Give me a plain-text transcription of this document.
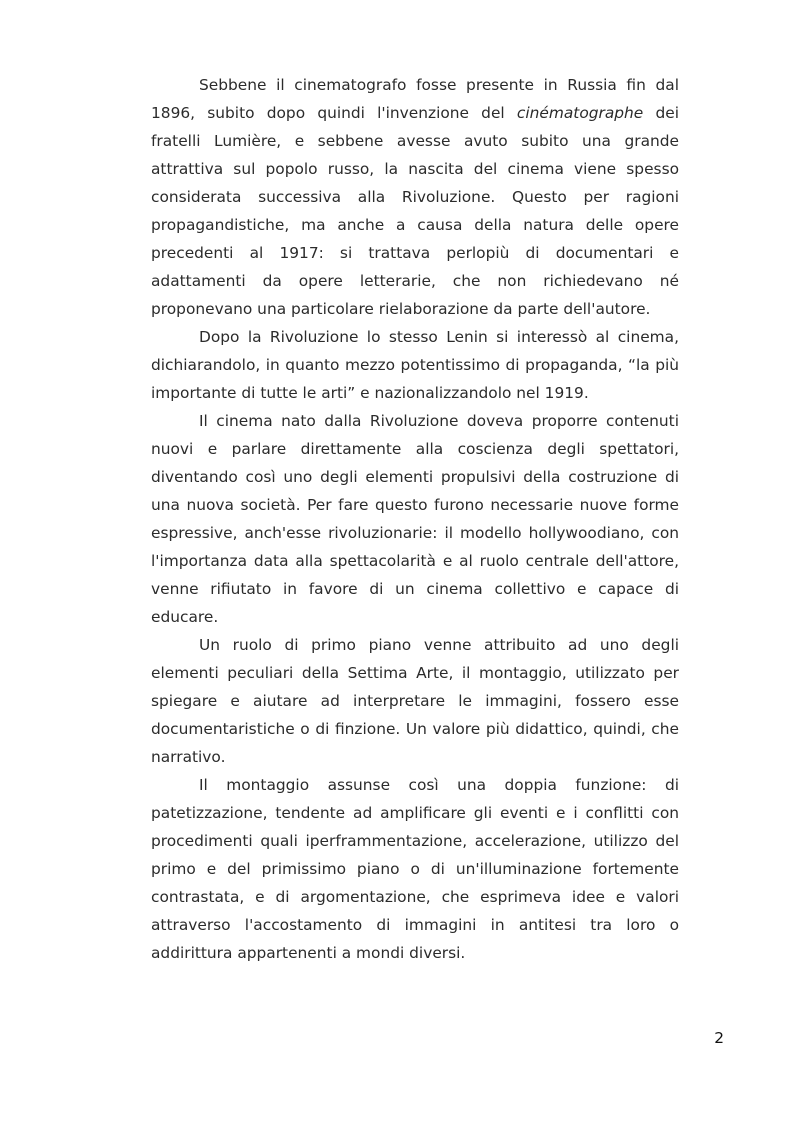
Sebbene il cinematografo fosse presente in Russia fin dal 1896, subito dopo quindi l'invenzione del cinématographe dei fratelli Lumière, e sebbene avesse avuto subito una grande attrattiva sul popolo russo, la nascita del cinema viene spesso considerata successiva alla Rivoluzione. Questo per ragioni propagandistiche, ma anche a causa della natura delle opere precedenti al 1917: si trattava perlopiù di documentari e adattamenti da opere letterarie, che non richiedevano né proponevano una particolare rielaborazione da parte dell'autore.

Dopo la Rivoluzione lo stesso Lenin si interessò al cinema, dichiarandolo, in quanto mezzo potentissimo di propaganda, “la più importante di tutte le arti” e nazionalizzandolo nel 1919.

Il cinema nato dalla Rivoluzione doveva proporre contenuti nuovi e parlare direttamente alla coscienza degli spettatori, diventando così uno degli elementi propulsivi della costruzione di una nuova società. Per fare questo furono necessarie nuove forme espressive, anch'esse rivoluzionarie: il modello hollywoodiano, con l'importanza data alla spettacolarità e al ruolo centrale dell'attore, venne rifiutato in favore di un cinema collettivo e capace di educare.

Un ruolo di primo piano venne attribuito ad uno degli elementi peculiari della Settima Arte, il montaggio, utilizzato per spiegare e aiutare ad interpretare le immagini, fossero esse documentaristiche o di finzione. Un valore più didattico, quindi, che narrativo.

Il montaggio assunse così una doppia funzione: di patetizzazione, tendente ad amplificare gli eventi e i conflitti con procedimenti quali iperframmentazione, accelerazione, utilizzo del primo e del primissimo piano o di un'illuminazione fortemente contrastata, e di argomentazione, che esprimeva idee e valori attraverso l'accostamento di immagini in antitesi tra loro o addirittura appartenenti a mondi diversi.

2
